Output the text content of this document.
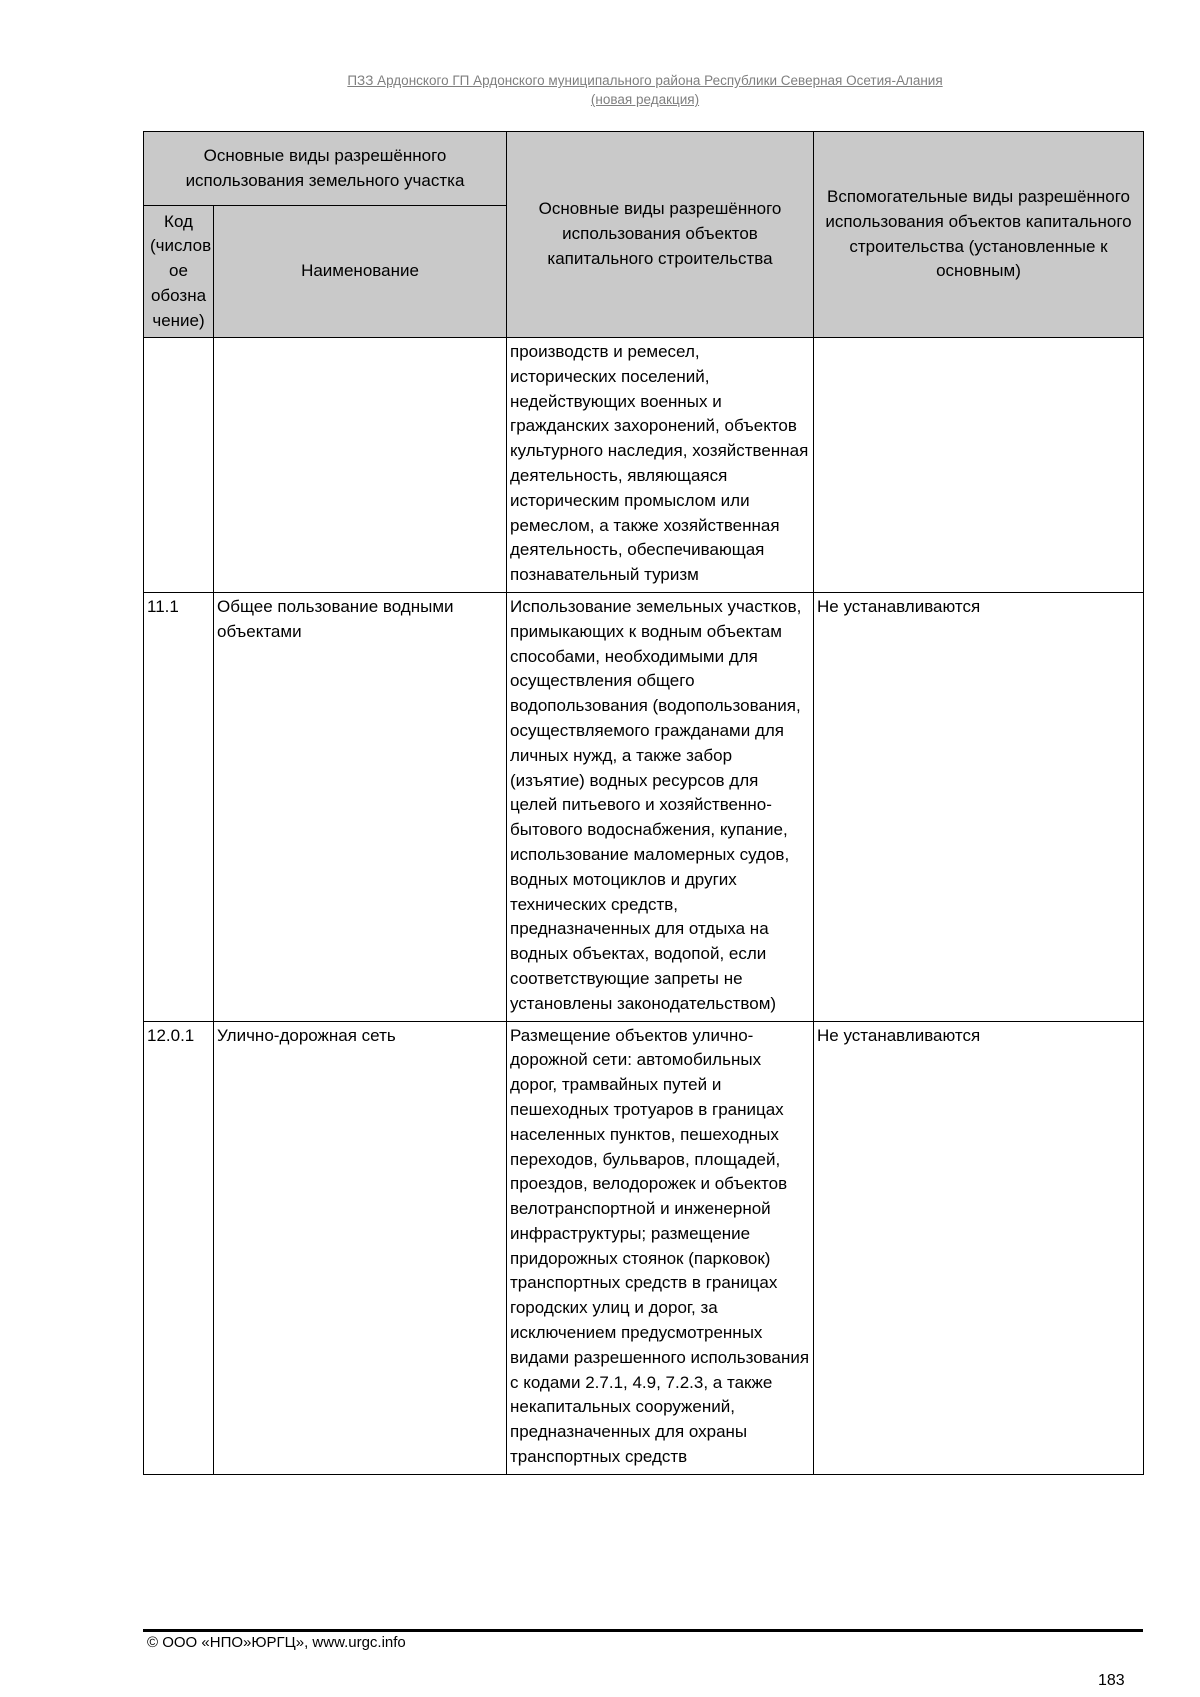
ПЗЗ Ардонского ГП Ардонского муниципального района Республики Северная Осетия-Алания
(новая редакция)
Основные виды разрешённого использования земельного участка		Основные виды разрешённого использования объектов капитального строительства	Вспомогательные виды разрешённого использования объектов капитального строительства (установленные к основным)
Код (числов ое обозна чение)	Наименование		
		производств и ремесел, исторических поселений, недействующих военных и гражданских захоронений, объектов культурного наследия, хозяйственная деятельность, являющаяся историческим промыслом или ремеслом, а также хозяйственная деятельность, обеспечивающая познавательный туризм	
11.1	Общее пользование водными объектами	Использование земельных участков, примыкающих к водным объектам способами, необходимыми для осуществления общего водопользования (водопользования, осуществляемого гражданами для личных нужд, а также забор (изъятие) водных ресурсов для целей питьевого и хозяйственно-бытового водоснабжения, купание, использование маломерных судов, водных мотоциклов и других технических средств, предназначенных для отдыха на водных объектах, водопой, если соответствующие запреты не установлены законодательством)	Не устанавливаются
12.0.1	Улично-дорожная сеть	Размещение объектов улично-дорожной сети: автомобильных дорог, трамвайных путей и пешеходных тротуаров в границах населенных пунктов, пешеходных переходов, бульваров, площадей, проездов, велодорожек и объектов велотранспортной и инженерной инфраструктуры; размещение придорожных стоянок (парковок) транспортных средств в границах городских улиц и дорог, за исключением предусмотренных видами разрешенного использования с кодами 2.7.1, 4.9, 7.2.3, а также некапитальных сооружений, предназначенных для охраны транспортных средств	Не устанавливаются
© ООО «НПО»ЮРГЦ», www.urgc.info
183
